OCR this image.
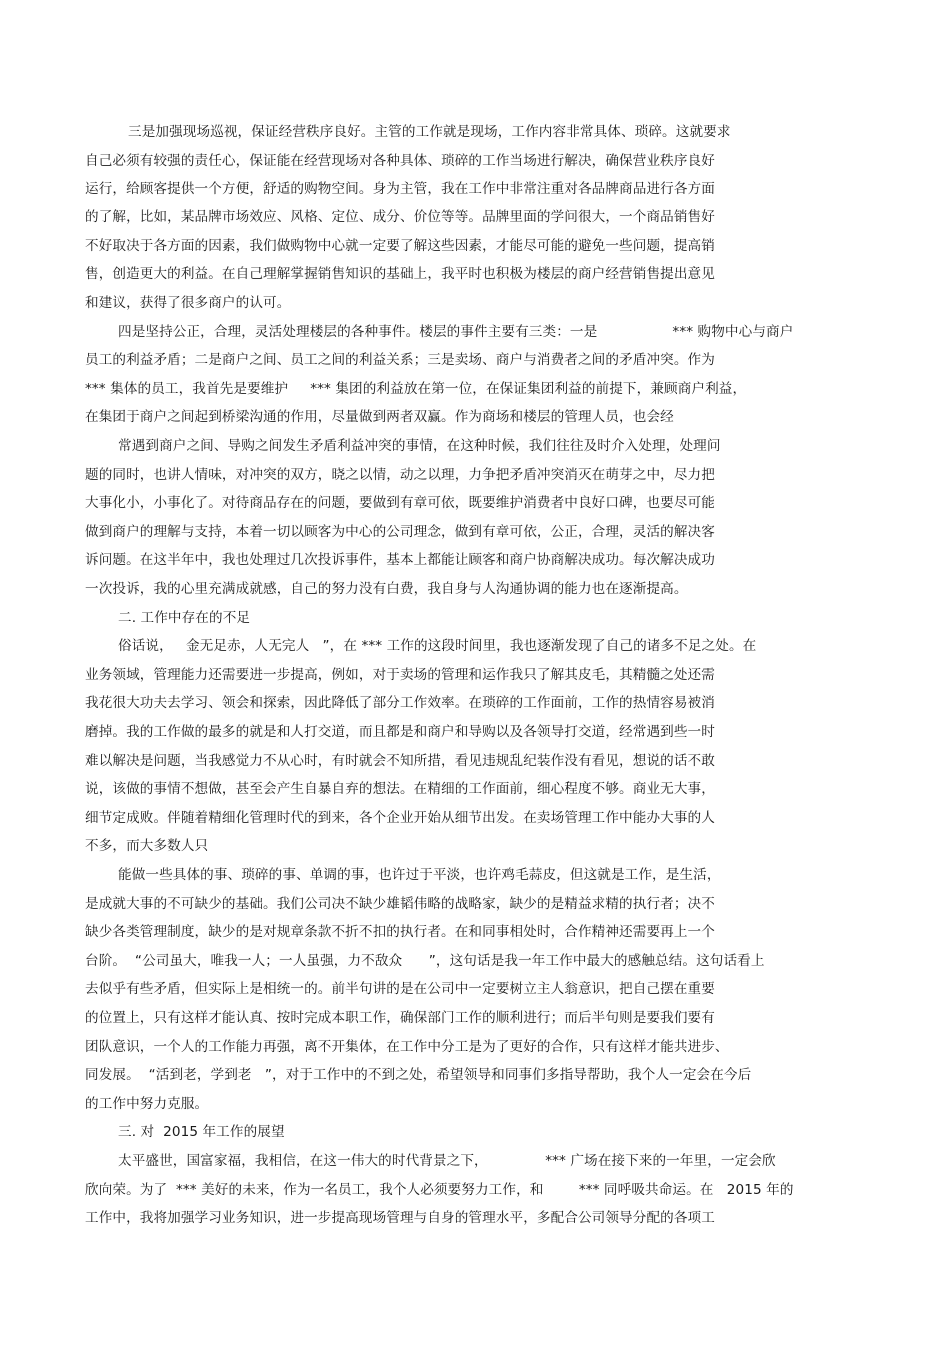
三是加强现场巡视，保证经营秩序良好。主管的工作就是现场，工作内容非常具体、琐碎。这就要求
自己必须有较强的责任心，保证能在经营现场对各种具体、琐碎的工作当场进行解决，确保营业秩序良好
运行，给顾客提供一个方便，舒适的购物空间。身为主管，我在工作中非常注重对各品牌商品进行各方面
的了解，比如，某品牌市场效应、风格、定位、成分、价位等等。品牌里面的学问很大，一个商品销售好
不好取决于各方面的因素，我们做购物中心就一定要了解这些因素，才能尽可能的避免一些问题，提高销
售，创造更大的利益。在自己理解掌握销售知识的基础上，我平时也积极为楼层的商户经营销售提出意见
和建议，获得了很多商户的认可。
四是坚持公正，合理，灵活处理楼层的各种事件。楼层的事件主要有三类：一是                 *** 购物中心与商户
员工的利益矛盾；二是商户之间、员工之间的利益关系；三是卖场、商户与消费者之间的矛盾冲突。作为
*** 集体的员工，我首先是要维护     *** 集团的利益放在第一位，在保证集团利益的前提下，兼顾商户利益，
在集团于商户之间起到桥梁沟通的作用，尽量做到两者双赢。作为商场和楼层的管理人员，也会经
常遇到商户之间、导购之间发生矛盾利益冲突的事情，在这种时候，我们往往及时介入处理，处理问
题的同时，也讲人情味，对冲突的双方，晓之以情，动之以理，力争把矛盾冲突消灭在萌芽之中，尽力把
大事化小，小事化了。对待商品存在的问题，要做到有章可依，既要维护消费者中良好口碑，也要尽可能
做到商户的理解与支持，本着一切以顾客为中心的公司理念，做到有章可依，公正，合理，灵活的解决客
诉问题。在这半年中，我也处理过几次投诉事件，基本上都能让顾客和商户协商解决成功。每次解决成功
一次投诉，我的心里充满成就感，自己的努力没有白费，我自身与人沟通协调的能力也在逐渐提高。
二. 工作中存在的不足
俗话说，   金无足赤，人无完人   ”，在 *** 工作的这段时间里，我也逐渐发现了自己的诸多不足之处。在
业务领域，管理能力还需要进一步提高，例如，对于卖场的管理和运作我只了解其皮毛，其精髓之处还需
我花很大功夫去学习、领会和探索，因此降低了部分工作效率。在琐碎的工作面前，工作的热情容易被消
磨掉。我的工作做的最多的就是和人打交道，而且都是和商户和导购以及各领导打交道，经常遇到些一时
难以解决是问题，当我感觉力不从心时，有时就会不知所措，看见违规乱纪装作没有看见，想说的话不敢
说，该做的事情不想做，甚至会产生自暴自弃的想法。在精细的工作面前，细心程度不够。商业无大事，
细节定成败。伴随着精细化管理时代的到来，各个企业开始从细节出发。在卖场管理工作中能办大事的人
不多，而大多数人只
能做一些具体的事、琐碎的事、单调的事，也许过于平淡，也许鸡毛蒜皮，但这就是工作，是生活，
是成就大事的不可缺少的基础。我们公司决不缺少雄韬伟略的战略家，缺少的是精益求精的执行者；决不
缺少各类管理制度，缺少的是对规章条款不折不扣的执行者。在和同事相处时，合作精神还需要再上一个
台阶。  “公司虽大，唯我一人；一人虽强，力不敌众      ”，这句话是我一年工作中最大的感触总结。这句话看上
去似乎有些矛盾，但实际上是相统一的。前半句讲的是在公司中一定要树立主人翁意识，把自己摆在重要
的位置上，只有这样才能认真、按时完成本职工作，确保部门工作的顺利进行；而后半句则是要我们要有
团队意识，一个人的工作能力再强，离不开集体，在工作中分工是为了更好的合作，只有这样才能共进步、
同发展。  “活到老，学到老   ”，对于工作中的不到之处，希望领导和同事们多指导帮助，我个人一定会在今后
的工作中努力克服。
三. 对  2015 年工作的展望
太平盛世，国富家福，我相信，在这一伟大的时代背景之下，             *** 广场在接下来的一年里，一定会欣
欣向荣。为了  *** 美好的未来，作为一名员工，我个人必须要努力工作，和        *** 同呼吸共命运。在   2015 年的
工作中，我将加强学习业务知识，进一步提高现场管理与自身的管理水平，多配合公司领导分配的各项工
